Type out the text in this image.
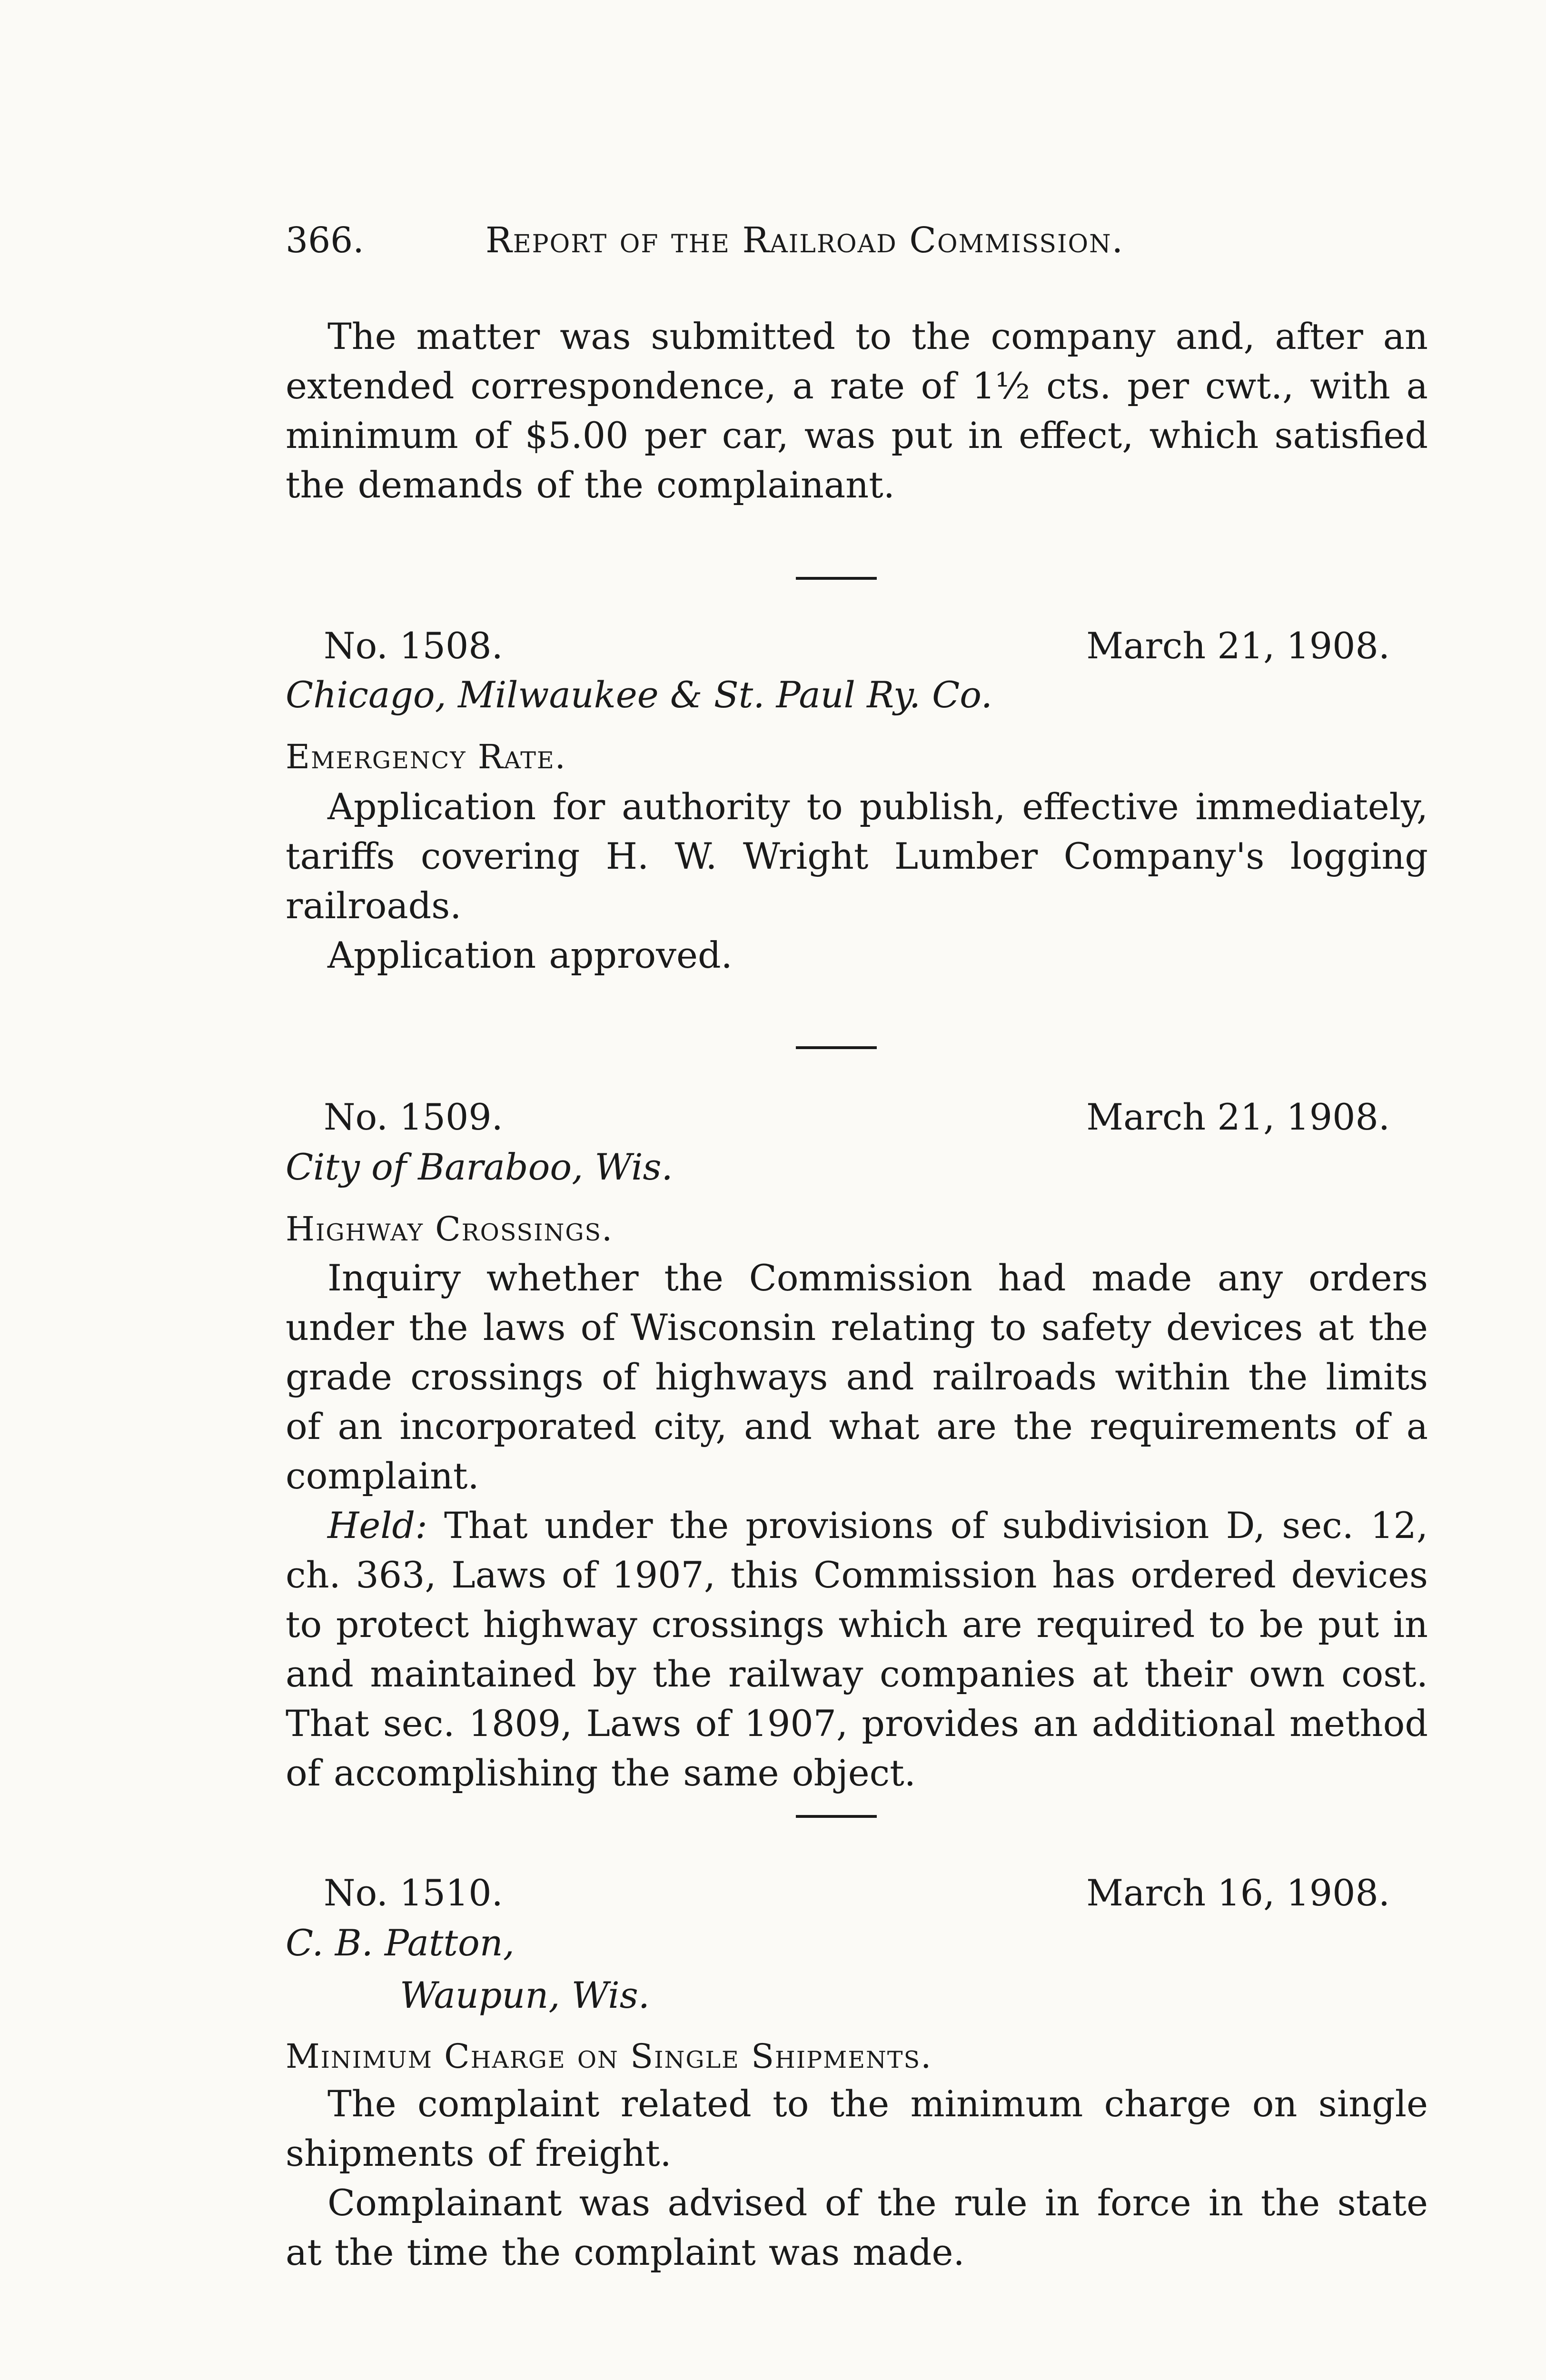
366.	Report of the Railroad Commission.

The matter was submitted to the company and, after an extended correspondence, a rate of 1½ cts. per cwt., with a minimum of $5.00 per car, was put in effect, which satisfied the demands of the complainant.

No. 1508.	March 21, 1908.
Chicago, Milwaukee & St. Paul Ry. Co.
Emergency Rate.

Application for authority to publish, effective immediately, tariffs covering H. W. Wright Lumber Company's logging railroads.

Application approved.

No. 1509.	March 21, 1908.
City of Baraboo, Wis.
Highway Crossings.

Inquiry whether the Commission had made any orders under the laws of Wisconsin relating to safety devices at the grade crossings of highways and railroads within the limits of an incorporated city, and what are the requirements of a complaint.

Held: That under the provisions of subdivision D, sec. 12, ch. 363, Laws of 1907, this Commission has ordered devices to protect highway crossings which are required to be put in and maintained by the railway companies at their own cost. That sec. 1809, Laws of 1907, provides an additional method of accomplishing the same object.

No. 1510.	March 16, 1908.
C. B. Patton,
Waupun, Wis.
Minimum Charge on Single Shipments.

The complaint related to the minimum charge on single shipments of freight.

Complainant was advised of the rule in force in the state at the time the complaint was made.
